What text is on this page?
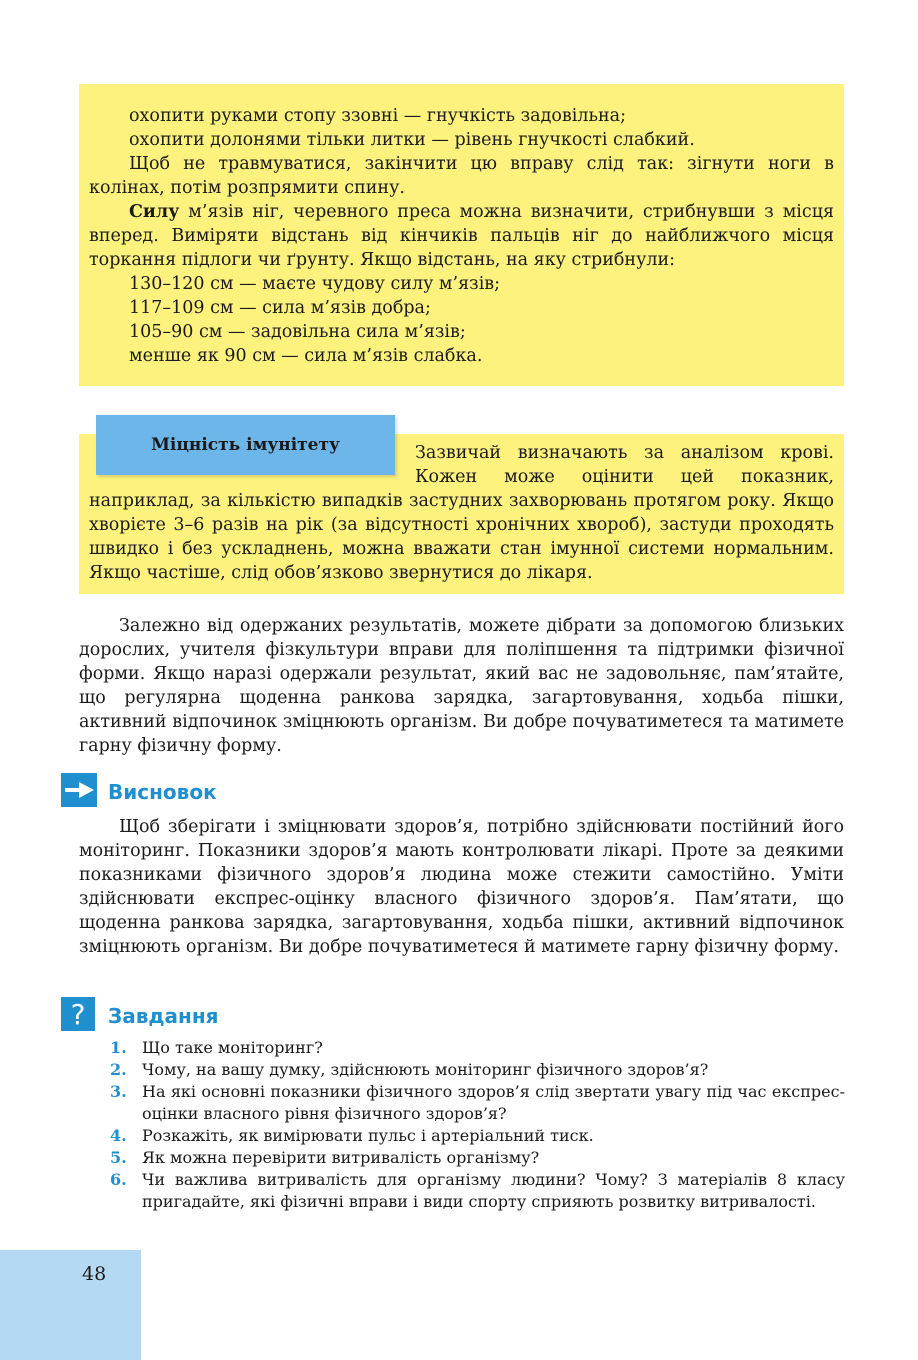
охопити руками стопу ззовні — гнучкість задовільна;

охопити долонями тільки литки — рівень гнучкості слабкий.

Щоб не травмуватися, закінчити цю вправу слід так: зігнути ноги в колінах, потім розпрямити спину.

Силу м’язів ніг, черевного преса можна визначити, стрибнувши з місця вперед. Виміряти відстань від кінчиків пальців ніг до найближчого місця торкання підлоги чи ґрунту. Якщо відстань, на яку стрибнули:

130–120 см — маєте чудову силу м’язів;

117–109 см — сила м’язів добра;

105–90 см — задовільна сила м’язів;

менше як 90 см — сила м’язів слабка.

Зазвичай визначають за аналізом крові. Кожен може оцінити цей показник, наприклад, за кількістю випадків застудних захворювань протягом року. Якщо хворієте 3–6 разів на рік (за відсутності хронічних хвороб), застуди проходять швидко і без ускладнень, можна вважати стан імунної системи нормальним. Якщо частіше, слід обов’язково звернутися до лікаря.

Міцність імунітету

Залежно від одержаних результатів, можете дібрати за допомогою близьких дорослих, учителя фізкультури вправи для поліпшення та підтримки фізичної форми. Якщо наразі одержали результат, який вас не задовольняє, пам’ятайте, що регулярна щоденна ранкова зарядка, загартовування, ходьба пішки, активний відпочинок зміцнюють організм. Ви добре почуватиметеся та матимете гарну фізичну форму.

Висновок

Щоб зберігати і зміцнювати здоров’я, потрібно здійснювати постійний його моніторинг. Показники здоров’я мають контролювати лікарі. Проте за деякими показниками фізичного здоров’я людина може стежити самостійно. Уміти здійснювати експрес-оцінку власного фізичного здоров’я. Пам’ятати, що щоденна ранкова зарядка, загартовування, ходьба пішки, активний відпочинок зміцнюють організм. Ви добре почуватиметеся й матимете гарну фізичну форму.

?	Завдання
1. Що таке моніторинг?
2. Чому, на вашу думку, здійснюють моніторинг фізичного здоров’я?
3. На які основні показники фізичного здоров’я слід звертати увагу під час експрес-оцінки власного рівня фізичного здоров’я?
4. Розкажіть, як вимірювати пульс і артеріальний тиск.
5. Як можна перевірити витривалість організму?
6. Чи важлива витривалість для організму людини? Чому? З матеріалів 8 класу пригадайте, які фізичні вправи і види спорту сприяють розвитку витривалості.
48
